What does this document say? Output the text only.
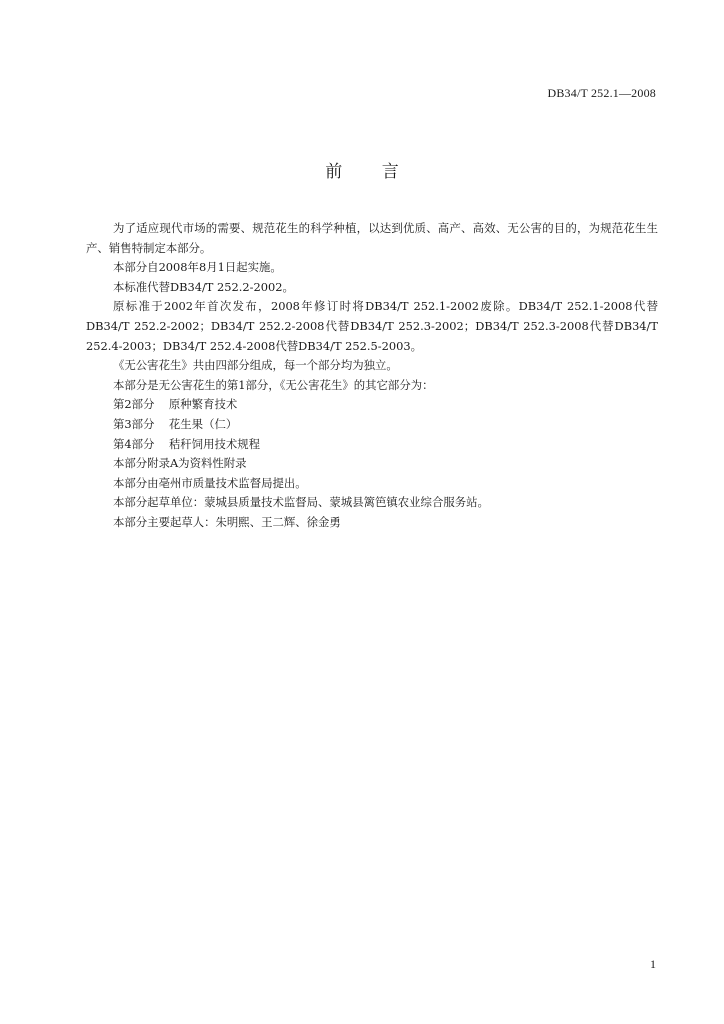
DB34/T 252.1—2008
前 言

为了适应现代市场的需要、规范花生的科学种植，以达到优质、高产、高效、无公害的目的，为规范花生生产、销售特制定本部分。

本部分自2008年8月1日起实施。

本标准代替DB34/T 252.2-2002。

原标准于2002年首次发布，2008年修订时将DB34/T 252.1-2002废除。DB34/T 252.1-2008代替DB34/T 252.2-2002；DB34/T 252.2-2008代替DB34/T 252.3-2002；DB34/T 252.3-2008代替DB34/T 252.4-2003；DB34/T 252.4-2008代替DB34/T 252.5-2003。

《无公害花生》共由四部分组成，每一个部分均为独立。

本部分是无公害花生的第1部分，《无公害花生》的其它部分为：

第2部分    原种繁育技术

第3部分    花生果（仁）

第4部分    秸秆饲用技术规程

本部分附录A为资料性附录

本部分由亳州市质量技术监督局提出。

本部分起草单位：蒙城县质量技术监督局、蒙城县篱笆镇农业综合服务站。

本部分主要起草人：朱明熙、王二辉、徐金勇

1
